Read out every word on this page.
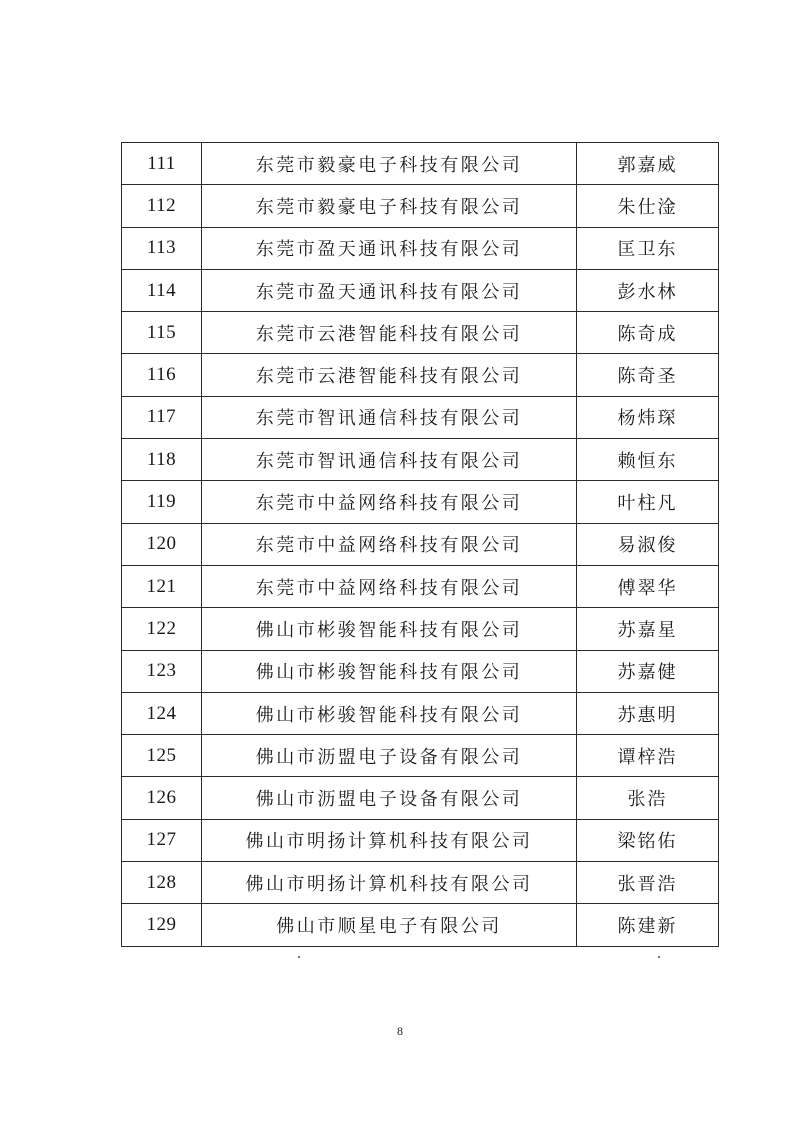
111	东莞市毅豪电子科技有限公司	郭嘉威
112	东莞市毅豪电子科技有限公司	朱仕淦
113	东莞市盈天通讯科技有限公司	匡卫东
114	东莞市盈天通讯科技有限公司	彭水林
115	东莞市云港智能科技有限公司	陈奇成
116	东莞市云港智能科技有限公司	陈奇圣
117	东莞市智讯通信科技有限公司	杨炜琛
118	东莞市智讯通信科技有限公司	赖恒东
119	东莞市中益网络科技有限公司	叶柱凡
120	东莞市中益网络科技有限公司	易淑俊
121	东莞市中益网络科技有限公司	傅翠华
122	佛山市彬骏智能科技有限公司	苏嘉星
123	佛山市彬骏智能科技有限公司	苏嘉健
124	佛山市彬骏智能科技有限公司	苏惠明
125	佛山市沥盟电子设备有限公司	谭梓浩
126	佛山市沥盟电子设备有限公司	张浩
127	佛山市明扬计算机科技有限公司	梁铭佑
128	佛山市明扬计算机科技有限公司	张晋浩
129	佛山市顺星电子有限公司	陈建新
8
